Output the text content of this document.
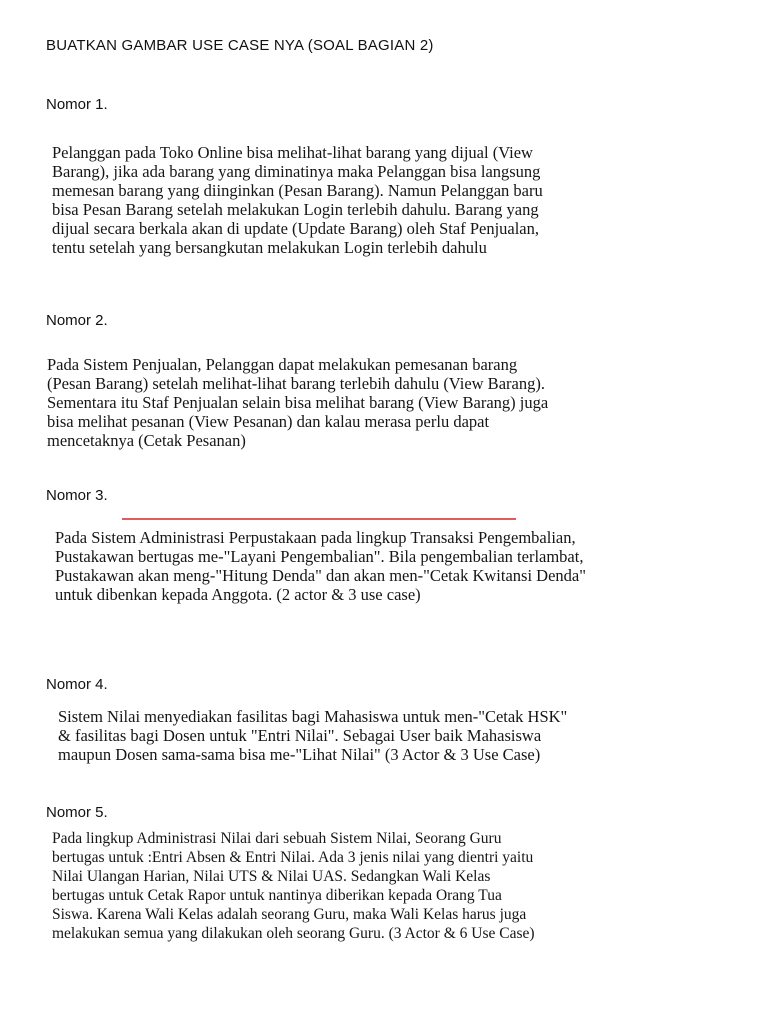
BUATKAN GAMBAR USE CASE NYA (SOAL BAGIAN 2)
Nomor 1.
Pelanggan pada Toko Online bisa melihat-lihat barang yang dijual (View
Barang), jika ada barang yang diminatinya maka Pelanggan bisa langsung
memesan barang yang diinginkan (Pesan Barang). Namun Pelanggan baru
bisa Pesan Barang setelah melakukan Login terlebih dahulu. Barang yang
dijual secara berkala akan di update (Update Barang) oleh Staf Penjualan,
tentu setelah yang bersangkutan melakukan Login terlebih dahulu
Nomor 2.
Pada Sistem Penjualan, Pelanggan dapat melakukan pemesanan barang
(Pesan Barang) setelah melihat-lihat barang terlebih dahulu (View Barang).
Sementara itu Staf Penjualan selain bisa melihat barang (View Barang) juga
bisa melihat pesanan (View Pesanan) dan kalau merasa perlu dapat
mencetaknya (Cetak Pesanan)
Nomor 3.
Pada Sistem Administrasi Perpustakaan pada lingkup Transaksi Pengembalian,
Pustakawan bertugas me-"Layani Pengembalian". Bila pengembalian terlambat,
Pustakawan akan meng-"Hitung Denda" dan akan men-"Cetak Kwitansi Denda"
untuk dibenkan kepada Anggota. (2 actor & 3 use case)
Nomor 4.
Sistem Nilai menyediakan fasilitas bagi Mahasiswa untuk men-"Cetak HSK"
& fasilitas bagi Dosen untuk "Entri Nilai". Sebagai User baik Mahasiswa
maupun Dosen sama-sama bisa me-"Lihat Nilai" (3 Actor & 3 Use Case)
Nomor 5.
Pada lingkup Administrasi Nilai dari sebuah Sistem Nilai, Seorang Guru
bertugas untuk :Entri Absen & Entri Nilai. Ada 3 jenis nilai yang dientri yaitu
Nilai Ulangan Harian, Nilai UTS & Nilai UAS. Sedangkan Wali Kelas
bertugas untuk Cetak Rapor untuk nantinya diberikan kepada Orang Tua
Siswa. Karena Wali Kelas adalah seorang Guru, maka Wali Kelas harus juga
melakukan semua yang dilakukan oleh seorang Guru. (3 Actor & 6 Use Case)
